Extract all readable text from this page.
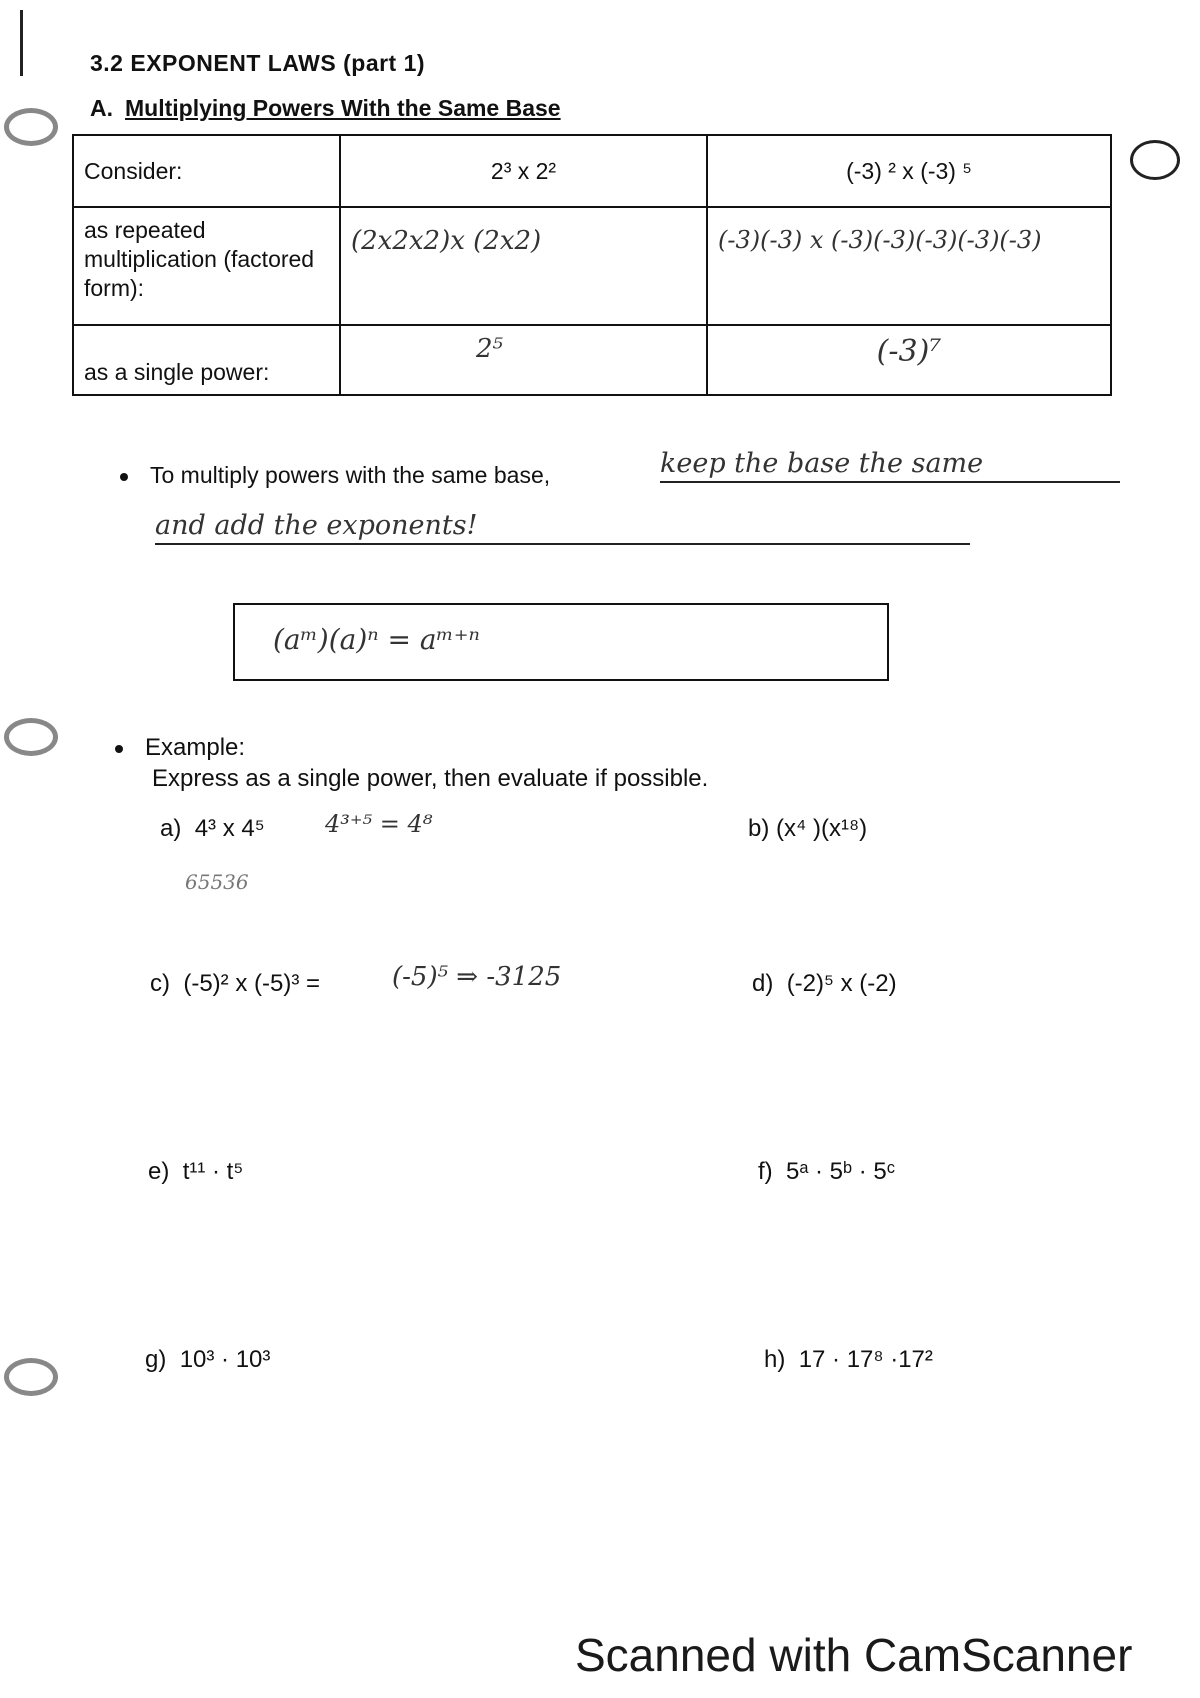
3.2 EXPONENT LAWS (part 1)
A. Multiplying Powers With the Same Base
Consider:	2³ x 2²	(-3) ² x (-3) ⁵
as repeated multiplication (factored form):	(2x2x2)x (2x2)	(-3)(-3) x (-3)(-3)(-3)(-3)(-3)
as a single power:	2⁵	(-3)⁷
To multiply powers with the same base,	keep the base the same
and add the exponents!
(aᵐ)(a)ⁿ = aᵐ⁺ⁿ
Example:
Express as a single power, then evaluate if possible.
a) 4³ x 4⁵	4³⁺⁵ = 4⁸
65536
b) (x⁴ )(x¹⁸)
c) (-5)² x (-5)³ =	(-5)⁵ ⇒ -3125	d) (-2)⁵ x (-2)
e) t¹¹ · t⁵	f) 5ᵃ · 5ᵇ · 5ᶜ
g) 10³ · 10³	h) 17 · 17⁸ ·17²
Scanned with CamScanner
